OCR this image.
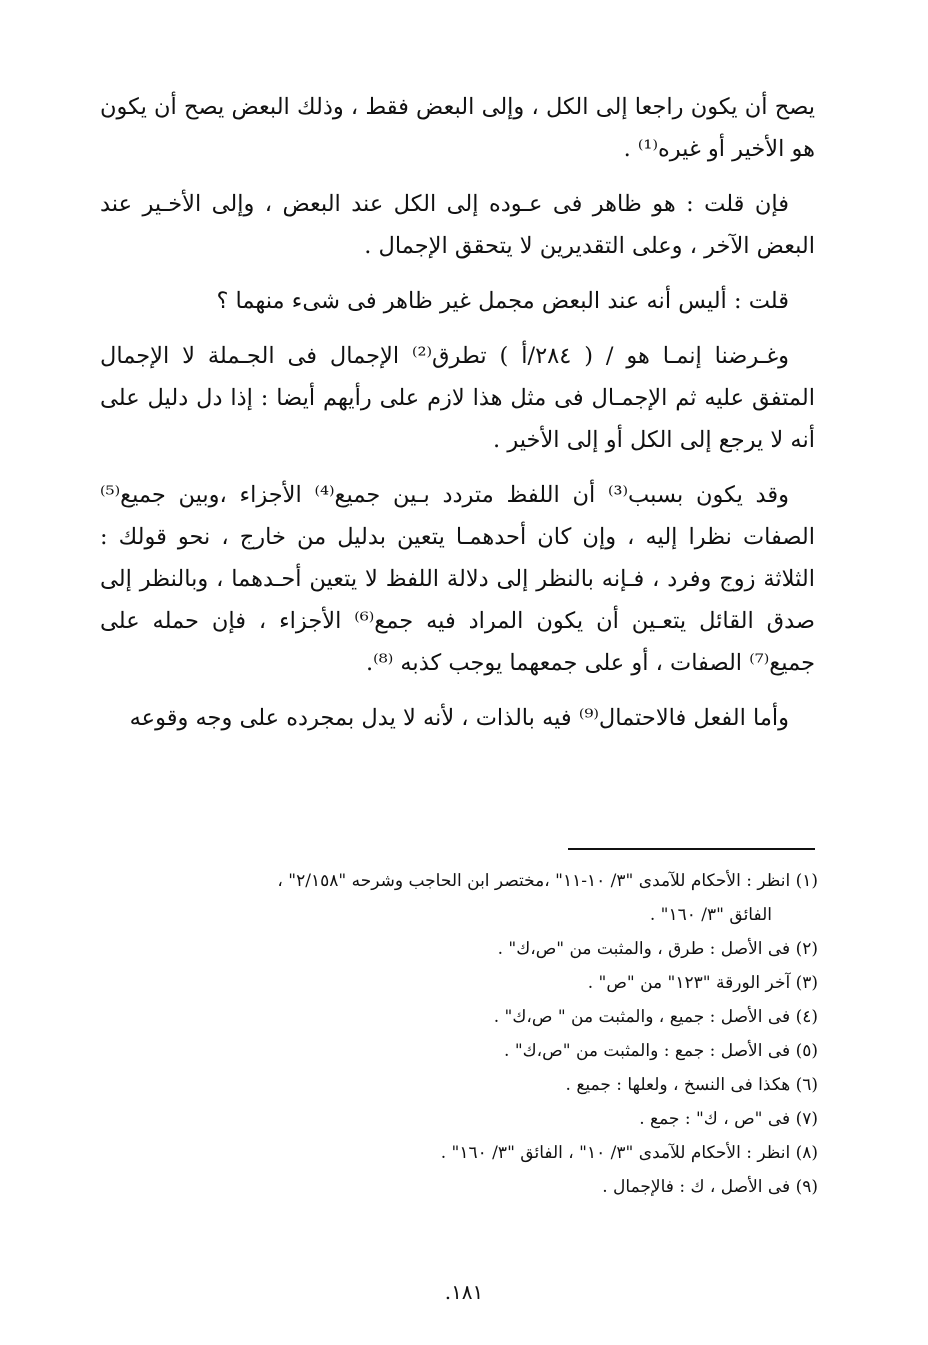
يصح أن يكون راجعا إلى الكل ، وإلى البعض فقط ، وذلك البعض يصح أن يكون هو الأخير أو غيره⁽¹⁾ .

فإن قلت : هو ظاهر فى عـوده إلى الكل عند البعض ، وإلى الأخـير عند البعض الآخر ، وعلى التقديرين لا يتحقق الإجمال .

قلت : أليس أنه عند البعض مجمل غير ظاهر فى شىء منهما ؟

وغـرضنا إنمـا هو / ( ٢٨٤/أ ) تطرق⁽²⁾ الإجمال فى الجـملة لا الإجمال المتفق عليه ثم الإجمـال فى مثل هذا لازم على رأيهم أيضا : إذا دل دليل على أنه لا يرجع إلى الكل أو إلى الأخير .

وقد يكون بسبب⁽³⁾ أن اللفظ متردد بـين جميع⁽⁴⁾ الأجزاء ،وبين جميع⁽⁵⁾ الصفات نظرا إليه ، وإن كان أحدهمـا يتعين بدليل من خارج ، نحو قولك : الثلاثة زوج وفرد ، فـإنه بالنظر إلى دلالة اللفظ لا يتعين أحـدهما ، وبالنظر إلى صدق القائل يتعـين أن يكون المراد فيه جمع⁽⁶⁾ الأجزاء ، فإن حمله على جميع⁽⁷⁾ الصفات ، أو على جمعهما يوجب كذبه ⁽⁸⁾.

وأما الفعل فالاحتمال⁽⁹⁾ فيه بالذات ، لأنه لا يدل بمجرده على وجه وقوعه

(١) انظر : الأحكام للآمدى "٣/ ١٠-١١" ،مختصر ابن الحاجب وشرحه "٢/١٥٨" ،
الفائق "٣/ ١٦٠" .
(٢) فى الأصل : طرق ، والمثبت من "ص،ك" .
(٣) آخر الورقة "١٢٣" من "ص" .
(٤) فى الأصل : جميع ، والمثبت من " ص،ك" .
(٥) فى الأصل : جمع : والمثبت من "ص،ك" .
(٦) هكذا فى النسخ ، ولعلها : جميع .
(٧) فى "ص ، ك" : جمع .
(٨) انظر : الأحكام للآمدى "٣/ ١٠" ، الفائق "٣/ ١٦٠" .
(٩) فى الأصل ، ك : فالإجمال .
١٨١.
